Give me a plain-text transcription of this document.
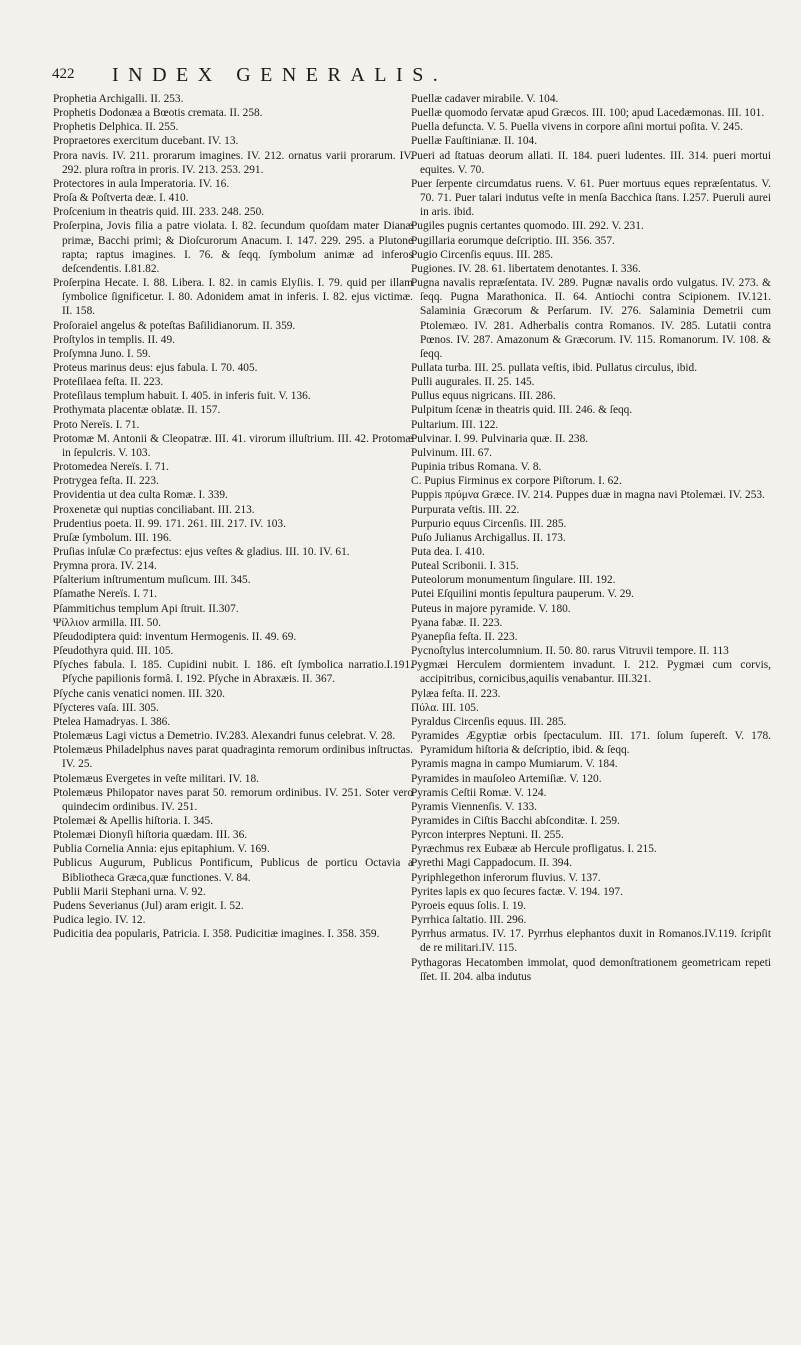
422 INDEX GENERALIS.

Prophetia Archigalli. II. 253.

Prophetis Dodonæa a Bœotis cremata. II. 258.

Prophetis Delphica. II. 255.

Propraetores exercitum ducebant. IV. 13.

Prora navis. IV. 211. prorarum imagines. IV. 212. ornatus varii prorarum. IV. 292. plura roſtra in proris. IV. 213. 253. 291.

Protectores in aula Imperatoria. IV. 16.

Proſa & Poſtverta deæ. I. 410.

Proſcenium in theatris quid. III. 233. 248. 250.

Proſerpina, Jovis filia a patre violata. I. 82. ſecundum quoſdam mater Dianæ primæ, Bacchi primi; & Dioſcurorum Anacum. I. 147. 229. 295. a Plutone rapta; raptus imagines. I. 76. & ſeqq. ſymbolum animæ ad inferos deſcendentis. I.81.82.

Proſerpina Hecate. I. 88. Libera. I. 82. in camis Elyſiis. I. 79. quid per illam ſymbolice ſignificetur. I. 80. Adonidem amat in inferis. I. 82. ejus victimæ. II. 158.

Proſoraiel angelus & poteſtas Baſilidianorum. II. 359.

Proſtylos in templis. II. 49.

Proſymna Juno. I. 59.

Proteus marinus deus: ejus fabula. I. 70. 405.

Proteſilaea feſta. II. 223.

Proteſilaus templum habuit. I. 405. in inferis fuit. V. 136.

Prothymata placentæ oblatæ. II. 157.

Proto Nereïs. I. 71.

Protomæ M. Antonii & Cleopatræ. III. 41. virorum illuſtrium. III. 42. Protomæ in ſepulcris. V. 103.

Protomedea Nereïs. I. 71.

Protrygea feſta. II. 223.

Providentia ut dea culta Romæ. I. 339.

Proxenetæ qui nuptias conciliabant. III. 213.

Prudentius poeta. II. 99. 171. 261. III. 217. IV. 103.

Pruſæ ſymbolum. III. 196.

Pruſias inſulæ Co præfectus: ejus veſtes & gladius. III. 10. IV. 61.

Prymna prora. IV. 214.

Pſalterium inſtrumentum muſicum. III. 345.

Pſamathe Nereïs. I. 71.

Pſammitichus templum Api ſtruit. II.307.

Ψίλλιον armilla. III. 50.

Pſeudodiptera quid: inventum Hermogenis. II. 49. 69.

Pſeudothyra quid. III. 105.

Pſyches fabula. I. 185. Cupidini nubit. I. 186. eſt ſymbolica narratio.I.191. Pſyche papilionis formâ. I. 192. Pſyche in Abraxæis. II. 367.

Pſyche canis venatici nomen. III. 320.

Pſycteres vaſa. III. 305.

Ptelea Hamadryas. I. 386.

Ptolemæus Lagi victus a Demetrio. IV.283. Alexandri funus celebrat. V. 28.

Ptolemæus Philadelphus naves parat quadraginta remorum ordinibus inſtructas. IV. 25.

Ptolemæus Evergetes in veſte militari. IV. 18.

Ptolemæus Philopator naves parat 50. remorum ordinibus. IV. 251. Soter vero quindecim ordinibus. IV. 251.

Ptolemæi & Apellis hiſtoria. I. 345.

Ptolemæi Dionyſi hiſtoria quædam. III. 36.

Publia Cornelia Annia: ejus epitaphium. V. 169.

Publicus Augurum, Publicus Pontificum, Publicus de porticu Octavia a Bibliotheca Græca,quæ functiones. V. 84.

Publii Marii Stephani urna. V. 92.

Pudens Severianus (Jul) aram erigit. I. 52.

Pudica legio. IV. 12.

Pudicitia dea popularis, Patricia. I. 358. Pudicitiæ imagines. I. 358. 359.

Puellæ cadaver mirabile. V. 104.

Puellæ quomodo ſervatæ apud Græcos. III. 100; apud Lacedæmonas. III. 101.

Puella defuncta. V. 5. Puella vivens in corpore aſini mortui poſita. V. 245.

Puellæ Fauſtinianæ. II. 104.

Pueri ad ſtatuas deorum allati. II. 184. pueri ludentes. III. 314. pueri mortui equites. V. 70.

Puer ſerpente circumdatus ruens. V. 61. Puer mortuus eques repræſentatus. V. 70. 71. Puer talari indutus veſte in menſa Bacchica ſtans. I.257. Pueruli aurei in aris. ibid.

Pugiles pugnis certantes quomodo. III. 292. V. 231.

Pugillaria eorumque deſcriptio. III. 356. 357.

Pugio Circenſis equus. III. 285.

Pugiones. IV. 28. 61. libertatem denotantes. I. 336.

Pugna navalis repræſentata. IV. 289. Pugnæ navalis ordo vulgatus. IV. 273. & ſeqq. Pugna Marathonica. II. 64. Antiochi contra Scipionem. IV.121. Salaminia Græcorum & Perſarum. IV. 276. Salaminia Demetrii cum Ptolemæo. IV. 281. Adherbalis contra Romanos. IV. 285. Lutatii contra Pœnos. IV. 287. Amazonum & Græcorum. IV. 115. Romanorum. IV. 108. & ſeqq.

Pullata turba. III. 25. pullata veſtis, ibid. Pullatus circulus, ibid.

Pulli augurales. II. 25. 145.

Pullus equus nigricans. III. 286.

Pulpitum ſcenæ in theatris quid. III. 246. & ſeqq.

Pultarium. III. 122.

Pulvinar. I. 99. Pulvinaria quæ. II. 238.

Pulvinum. III. 67.

Pupinia tribus Romana. V. 8.

C. Pupius Firminus ex corpore Piſtorum. I. 62.

Puppis πρύμνα Græce. IV. 214. Puppes duæ in magna navi Ptolemæi. IV. 253.

Purpurata veſtis. III. 22.

Purpurio equus Circenſis. III. 285.

Puſo Julianus Archigallus. II. 173.

Puta dea. I. 410.

Puteal Scribonii. I. 315.

Puteolorum monumentum ſingulare. III. 192.

Putei Eſquilini montis ſepultura pauperum. V. 29.

Puteus in majore pyramide. V. 180.

Pyana fabæ. II. 223.

Pyanepſia feſta. II. 223.

Pycnoſtylus intercolumnium. II. 50. 80. rarus Vitruvii tempore. II. 113

Pygmæi Herculem dormientem invadunt. I. 212. Pygmæi cum corvis, accipitribus, cornicibus,aquilis venabantur. III.321.

Pylæa feſta. II. 223.

Πύλα. III. 105.

Pyraldus Circenſis equus. III. 285.

Pyramides Ægyptiæ orbis ſpectaculum. III. 171. ſolum ſupereſt. V. 178. Pyramidum hiſtoria & deſcriptio, ibid. & ſeqq.

Pyramis magna in campo Mumiarum. V. 184.

Pyramides in mauſoleo Artemiſiæ. V. 120.

Pyramis Ceſtii Romæ. V. 124.

Pyramis Viennenſis. V. 133.

Pyramides in Ciſtis Bacchi abſconditæ. I. 259.

Pyrcon interpres Neptuni. II. 255.

Pyræchmus rex Eubææ ab Hercule profligatus. I. 215.

Pyrethi Magi Cappadocum. II. 394.

Pyriphlegethon inferorum fluvius. V. 137.

Pyrites lapis ex quo ſecures factæ. V. 194. 197.

Pyroeis equus ſolis. I. 19.

Pyrrhica ſaltatio. III. 296.

Pyrrhus armatus. IV. 17. Pyrrhus elephantos duxit in Romanos.IV.119. ſcripſit de re militari.IV. 115.

Pythagoras Hecatomben immolat, quod demonſtrationem geometricam repeti ſſet. II. 204. alba indutus
